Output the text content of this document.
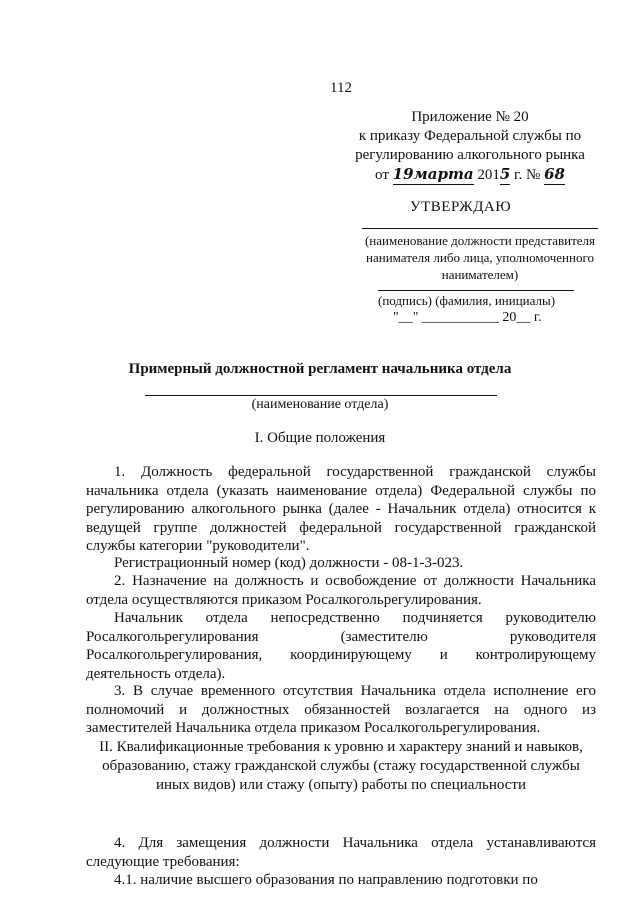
112
Приложение № 20
к приказу Федеральной службы по
регулированию алкогольного рынка
от 19марта 2015 г. № 68
УТВЕРЖДАЮ
(наименование должности представителя нанимателя либо лица, уполномоченного нанимателем)
(подпись) (фамилия, инициалы)
"__" ___________ 20__ г.
Примерный должностной регламент начальника отдела
(наименование отдела)
I. Общие положения
1. Должность федеральной государственной гражданской службы начальника отдела (указать наименование отдела) Федеральной службы по регулированию алкогольного рынка (далее - Начальник отдела) относится к ведущей группе должностей федеральной государственной гражданской службы категории "руководители".
Регистрационный номер (код) должности - 08-1-3-023.
2. Назначение на должность и освобождение от должности Начальника отдела осуществляются приказом Росалкогольрегулирования.
Начальник отдела непосредственно подчиняется руководителю Росалкогольрегулирования (заместителю руководителя Росалкогольрегулирования, координирующему и контролирующему деятельность отдела).
3. В случае временного отсутствия Начальника отдела исполнение его полномочий и должностных обязанностей возлагается на одного из заместителей Начальника отдела приказом Росалкогольрегулирования.
II. Квалификационные требования к уровню и характеру знаний и навыков, образованию, стажу гражданской службы (стажу государственной службы иных видов) или стажу (опыту) работы по специальности
4. Для замещения должности Начальника отдела устанавливаются следующие требования:
4.1. наличие высшего образования по направлению подготовки по
